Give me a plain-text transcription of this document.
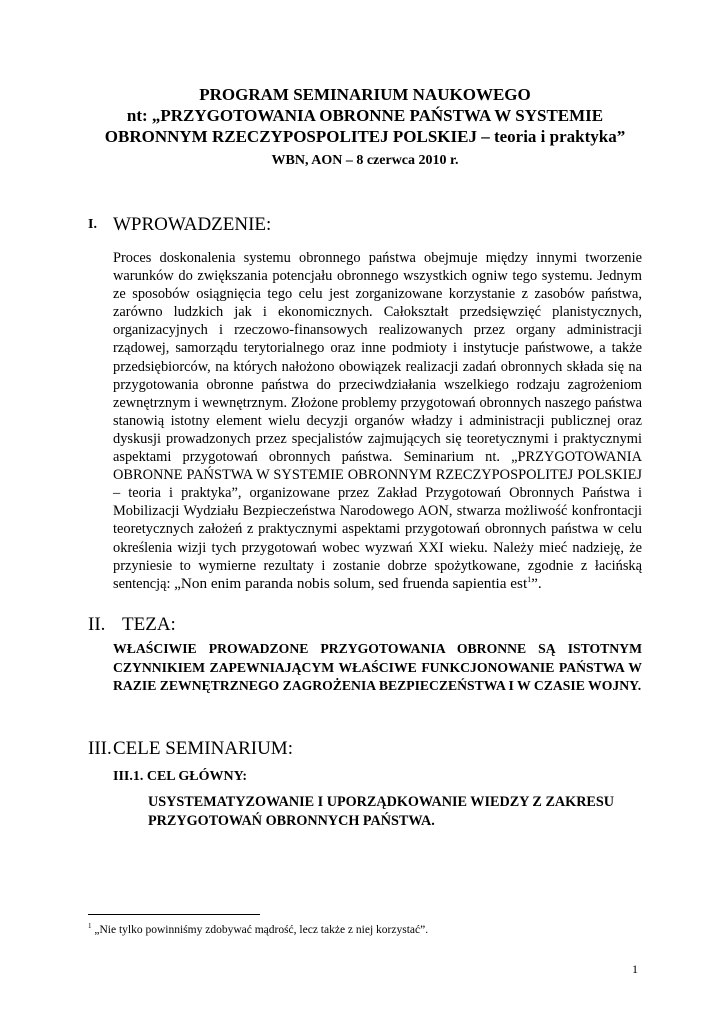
PROGRAM SEMINARIUM NAUKOWEGO
nt: „PRZYGOTOWANIA OBRONNE PAŃSTWA W SYSTEMIE
OBRONNYM RZECZYPOSPOLITEJ POLSKIEJ – teoria i praktyka”
WBN, AON – 8 czerwca 2010 r.
I. WPROWADZENIE:
Proces doskonalenia systemu obronnego państwa obejmuje między innymi tworzenie warunków do zwiększania potencjału obronnego wszystkich ogniw tego systemu. Jednym ze sposobów osiągnięcia tego celu jest zorganizowane korzystanie z zasobów państwa, zarówno ludzkich jak i ekonomicznych. Całokształt przedsięwzięć planistycznych, organizacyjnych i rzeczowo-finansowych realizowanych przez organy administracji rządowej, samorządu terytorialnego oraz inne podmioty i instytucje państwowe, a także przedsiębiorców, na których nałożono obowiązek realizacji zadań obronnych składa się na przygotowania obronne państwa do przeciwdziałania wszelkiego rodzaju zagrożeniom zewnętrznym i wewnętrznym. Złożone problemy przygotowań obronnych naszego państwa stanowią istotny element wielu decyzji organów władzy i administracji publicznej oraz dyskusji prowadzonych przez specjalistów zajmujących się teoretycznymi i praktycznymi aspektami przygotowań obronnych państwa. Seminarium nt. „PRZYGOTOWANIA OBRONNE PAŃSTWA W SYSTEMIE OBRONNYM RZECZYPOSPOLITEJ POLSKIEJ – teoria i praktyka”, organizowane przez Zakład Przygotowań Obronnych Państwa i Mobilizacji Wydziału Bezpieczeństwa Narodowego AON, stwarza możliwość konfrontacji teoretycznych założeń z praktycznymi aspektami przygotowań obronnych państwa w celu określenia wizji tych przygotowań wobec wyzwań XXI wieku. Należy mieć nadzieję, że przyniesie to wymierne rezultaty i zostanie dobrze spożytkowane, zgodnie z łacińską sentencją: „Non enim paranda nobis solum, sed fruenda sapientia est$^1$”.
II. TEZA:
WŁAŚCIWIE PROWADZONE PRZYGOTOWANIA OBRONNE SĄ ISTOTNYM CZYNNIKIEM ZAPEWNIAJĄCYM WŁAŚCIWE FUNKCJONOWANIE PAŃSTWA W RAZIE ZEWNĘTRZNEGO ZAGROŻENIA BEZPIECZEŃSTWA I W CZASIE WOJNY.
III. CELE SEMINARIUM:
III.1. CEL GŁÓWNY:
USYSTEMATYZOWANIE I UPORZĄDKOWANIE WIEDZY Z ZAKRESU PRZYGOTOWAŃ OBRONNYCH PAŃSTWA.
$^1$ „Nie tylko powinniśmy zdobywać mądrość, lecz także z niej korzystać”.
1
